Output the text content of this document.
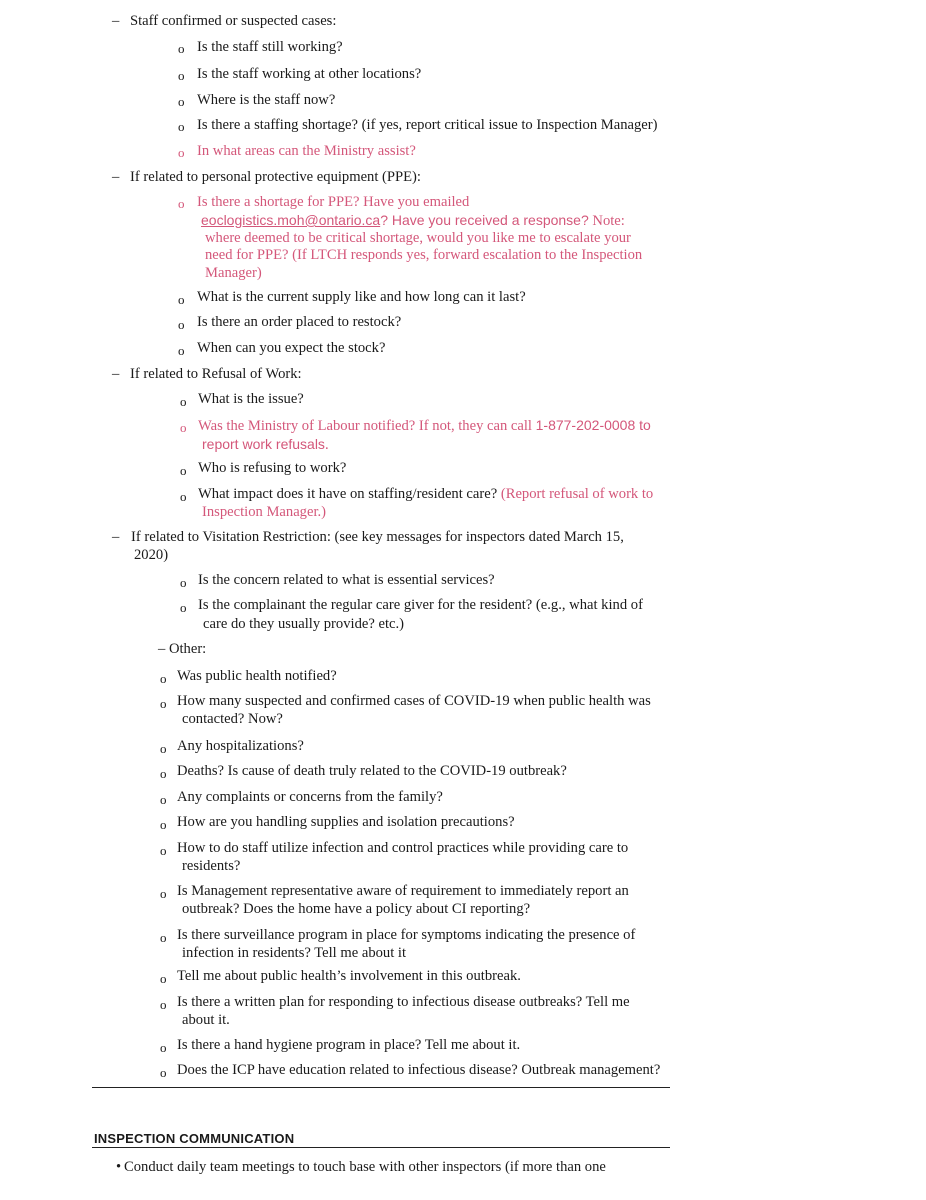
– Staff confirmed or suspected cases:

o Is the staff still working?

o Is the staff working at other locations?

o Where is the staff now?

o Is there a staffing shortage? (if yes, report critical issue to Inspection Manager)

o In what areas can the Ministry assist?

– If related to personal protective equipment (PPE):

o Is there a shortage for PPE? Have you emailed

eoclogistics.moh@ontario.ca? Have you received a response? Note:

where deemed to be critical shortage, would you like me to escalate your

need for PPE? (If LTCH responds yes, forward escalation to the Inspection

Manager)

o What is the current supply like and how long can it last?

o Is there an order placed to restock?

o When can you expect the stock?

– If related to Refusal of Work:

o What is the issue?

o Was the Ministry of Labour notified? If not, they can call 1-877-202-0008 to

report work refusals.

o Who is refusing to work?

o What impact does it have on staffing/resident care? (Report refusal of work to

Inspection Manager.)

– If related to Visitation Restriction: (see key messages for inspectors dated March 15,

2020)

o Is the concern related to what is essential services?

o Is the complainant the regular care giver for the resident? (e.g., what kind of

care do they usually provide? etc.)

– Other:

o Was public health notified?

o How many suspected and confirmed cases of COVID-19 when public health was

contacted? Now?

o Any hospitalizations?

o Deaths? Is cause of death truly related to the COVID-19 outbreak?

o Any complaints or concerns from the family?

o How are you handling supplies and isolation precautions?

o How to do staff utilize infection and control practices while providing care to

residents?

o Is Management representative aware of requirement to immediately report an

outbreak? Does the home have a policy about CI reporting?

o Is there surveillance program in place for symptoms indicating the presence of

infection in residents? Tell me about it

o Tell me about public health’s involvement in this outbreak.

o Is there a written plan for responding to infectious disease outbreaks? Tell me

about it.

o Is there a hand hygiene program in place? Tell me about it.

o Does the ICP have education related to infectious disease? Outbreak management?

INSPECTION COMMUNICATION

• Conduct daily team meetings to touch base with other inspectors (if more than one
